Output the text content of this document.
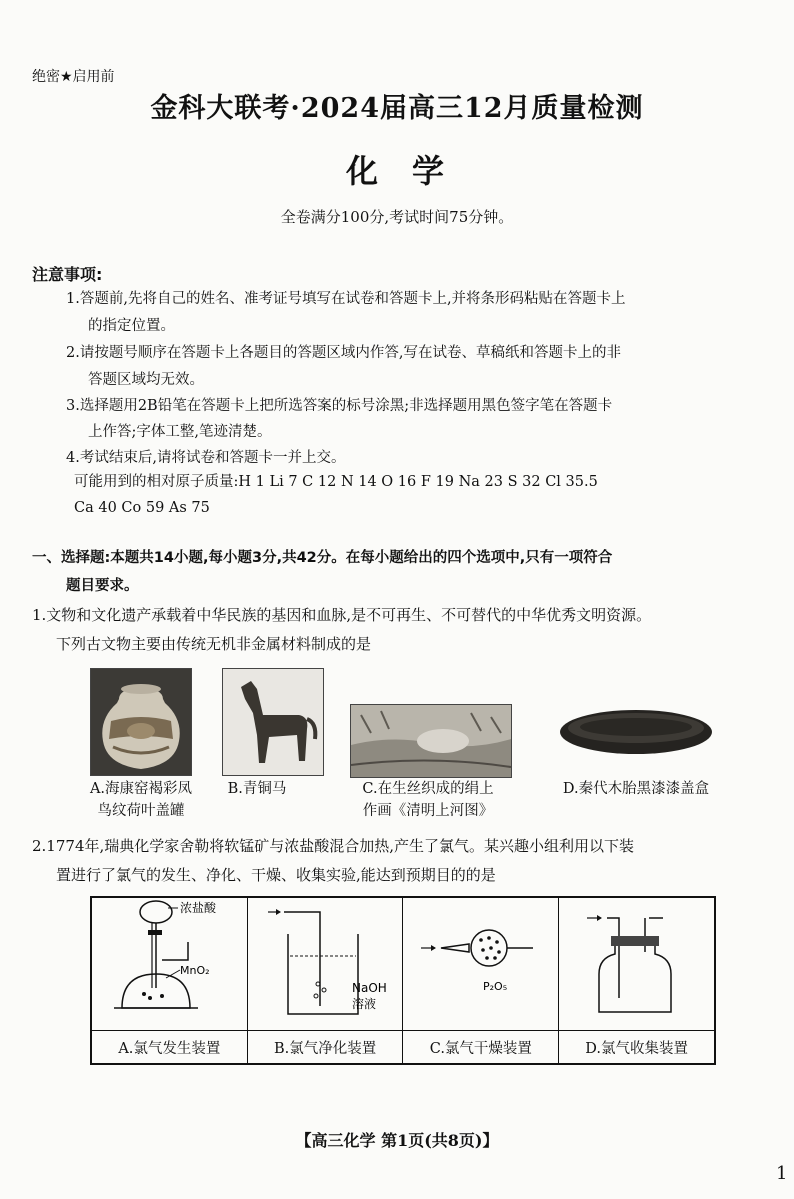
绝密★启用前
金科大联考·2024届高三12月质量检测
化学
全卷满分100分,考试时间75分钟。
注意事项:
1.答题前,先将自己的姓名、准考证号填写在试卷和答题卡上,并将条形码粘贴在答题卡上
的指定位置。
2.请按题号顺序在答题卡上各题目的答题区域内作答,写在试卷、草稿纸和答题卡上的非
答题区域均无效。
3.选择题用2B铅笔在答题卡上把所选答案的标号涂黑;非选择题用黑色签字笔在答题卡
上作答;字体工整,笔迹清楚。
4.考试结束后,请将试卷和答题卡一并上交。
可能用到的相对原子质量:H 1 Li 7 C 12 N 14 O 16 F 19 Na 23 S 32 Cl 35.5
Ca 40 Co 59 As 75
一、选择题:本题共14小题,每小题3分,共42分。在每小题给出的四个选项中,只有一项符合
题目要求。
1.文物和文化遗产承载着中华民族的基因和血脉,是不可再生、不可替代的中华优秀文明资源。
下列古文物主要由传统无机非金属材料制成的是
A.海康窑褐彩凤
鸟纹荷叶盖罐
B.青铜马	C.在生丝织成的绢上
作画《清明上河图》
D.秦代木胎黑漆漆盖盒
2.1774年,瑞典化学家舍勒将软锰矿与浓盐酸混合加热,产生了氯气。某兴趣小组利用以下装
置进行了氯气的发生、净化、干燥、收集实验,能达到预期目的的是
浓盐酸
MnO₂	NaOH
溶液	P₂O₅

A.氯气发生装置	B.氯气净化装置	C.氯气干燥装置	D.氯气收集装置
【高三化学 第1页(共8页)】
1
